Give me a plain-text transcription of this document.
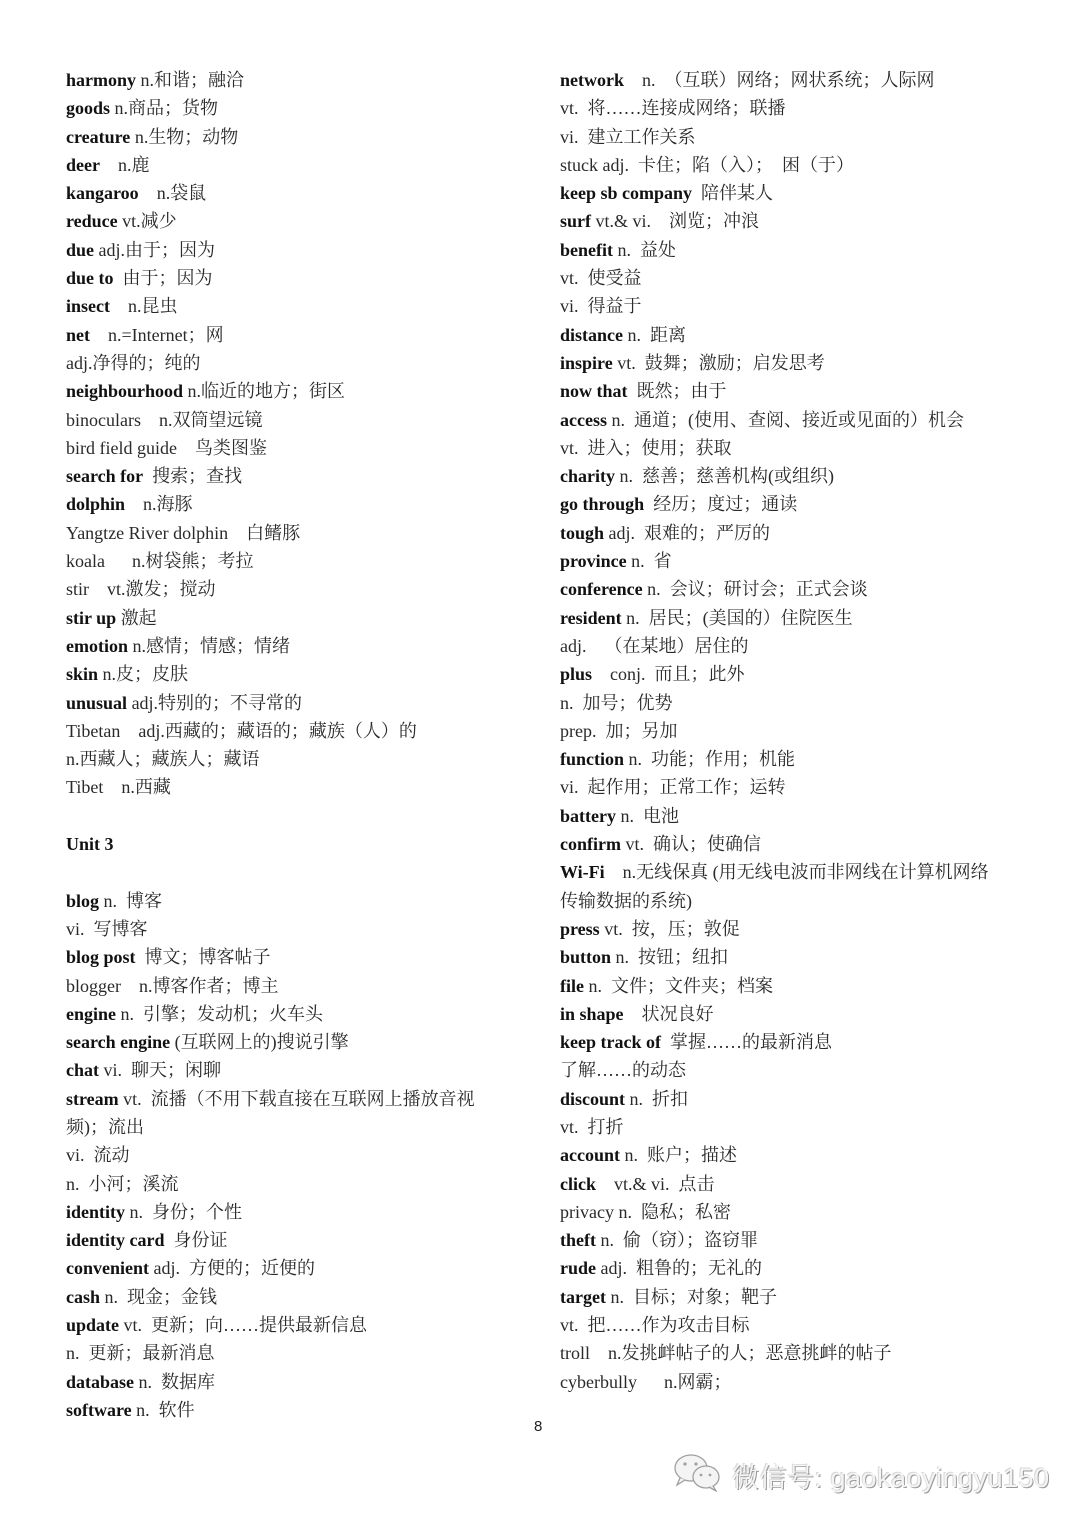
harmony n.和谐；融洽
goods n.商品；货物
creature n.生物；动物
deer    n.鹿
kangaroo    n.袋鼠
reduce vt.减少
due adj.由于；因为
due to  由于；因为
insect    n.昆虫
net    n.=Internet；网
adj.净得的；纯的
neighbourhood n.临近的地方；街区
binoculars    n.双筒望远镜
bird field guide    鸟类图鉴
search for  搜索；查找
dolphin    n.海豚
Yangtze River dolphin    白鳍豚
koala      n.树袋熊；考拉
stir    vt.激发；搅动
stir up 激起
emotion n.感情；情感；情绪
skin n.皮；皮肤
unusual adj.特别的；不寻常的
Tibetan    adj.西藏的；藏语的；藏族（人）的
n.西藏人；藏族人；藏语
Tibet    n.西藏
Unit 3
blog n.  博客
vi.  写博客
blog post  博文；博客帖子
blogger    n.博客作者；博主
engine n.  引擎；发动机；火车头
search engine (互联网上的)搜说引擎
chat vi.  聊天；闲聊
stream vt.  流播（不用下载直接在互联网上播放音视
频)；流出
vi.  流动
n.  小河；溪流
identity n.  身份；个性
identity card  身份证
convenient adj.  方便的；近便的
cash n.  现金；金钱
update vt.  更新；向……提供最新信息
n.  更新；最新消息
database n.  数据库
software n.  软件
network    n.  （互联）网络；网状系统；人际网
vt.  将……连接成网络；联播
vi.  建立工作关系
stuck adj.  卡住；陷（入）；  困（于）
keep sb company  陪伴某人
surf vt.& vi.    浏览；冲浪
benefit n.  益处
vt.  使受益
vi.  得益于
distance n.  距离
inspire vt.  鼓舞；激励；启发思考
now that  既然；由于
access n.  通道；(使用、查阅、接近或见面的）机会
vt.  进入；使用；获取
charity n.  慈善；慈善机构(或组织)
go through  经历；度过；通读
tough adj.  艰难的；严厉的
province n.  省
conference n.  会议；研讨会；正式会谈
resident n.  居民；(美国的）住院医生
adj.    （在某地）居住的
plus    conj.  而且；此外
n.  加号；优势
prep.  加；另加
function n.  功能；作用；机能
vi.  起作用；正常工作；运转
battery n.  电池
confirm vt.  确认；使确信
Wi-Fi    n.无线保真 (用无线电波而非网线在计算机网络
传输数据的系统)
press vt.  按，压；敦促
button n.  按钮；纽扣
file n.  文件；文件夹；档案
in shape    状况良好
keep track of  掌握……的最新消息
了解……的动态
discount n.  折扣
vt.  打折
account n.  账户；描述
click    vt.& vi.  点击
privacy n.  隐私；私密
theft n.  偷（窃）；盗窃罪
rude adj.  粗鲁的；无礼的
target n.  目标；对象；靶子
vt.  把……作为攻击目标
troll    n.发挑衅帖子的人；恶意挑衅的帖子
cyberbully      n.网霸；
8
微信号: gaokaoyingyu150
